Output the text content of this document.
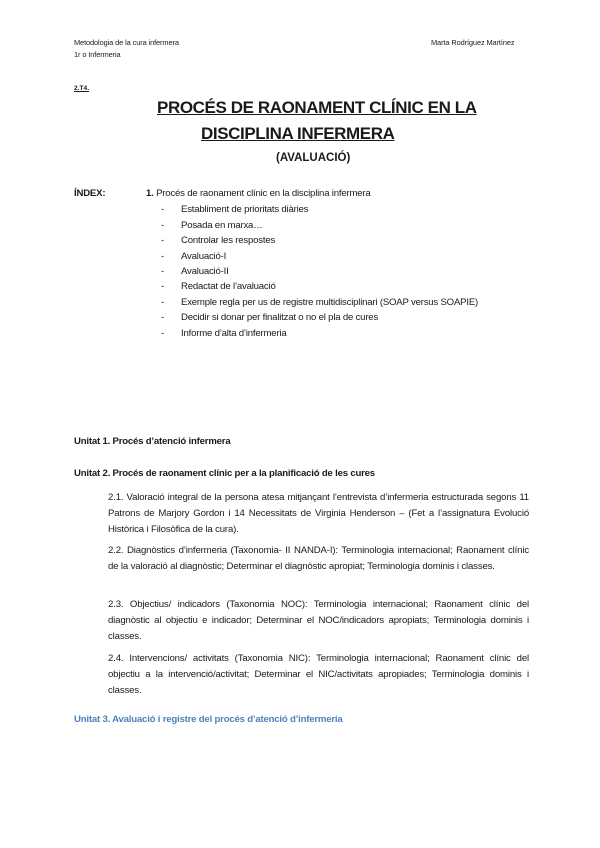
Metodologia de la cura infermera
1r o Infermeria
Marta Rodríguez Martínez
2.T4.
PROCÉS DE RAONAMENT CLÍNIC EN LA
DISCIPLINA INFERMERA
(AVALUACIÓ)
ÍNDEX:	1. Procés de raonament clínic en la disciplina infermera
- Establiment de prioritats diàries
- Posada en marxa…
- Controlar les respostes
- Avaluació-I
- Avaluació-II
- Redactat de l’avaluació
- Exemple regla per us de registre multidisciplinari (SOAP versus SOAPIE)
- Decidir si donar per finalitzat o no el pla de cures
- Informe d’alta d’infermeria
Unitat 1. Procés d’atenció infermera
Unitat 2. Procés de raonament clínic per a la planificació de les cures
2.1. Valoració integral de la persona atesa mitjançant l’entrevista d’infermeria estructurada segons 11 Patrons de Marjory Gordon i 14 Necessitats de Virginia Henderson – (Fet a l’assignatura Evolució Històrica i Filosòfica de la cura).
2.2. Diagnòstics d’infermeria (Taxonomia- II NANDA-I): Terminologia internacional; Raonament clínic de la valoració al diagnòstic; Determinar el diagnòstic apropiat; Terminologia dominis i classes.
2.3. Objectius/ indicadors (Taxonomia NOC): Terminologia internacional; Raonament clínic del diagnòstic al objectiu e indicador; Determinar el NOC/indicadors apropiats; Terminologia dominis i classes.
2.4. Intervencions/ activitats (Taxonomia NIC): Terminologia internacional; Raonament clínic del objectiu a la intervenció/activitat; Determinar el NIC/activitats apropiades; Terminologia dominis i classes.
Unitat 3. Avaluació i registre del procés d’atenció d’infermeria
